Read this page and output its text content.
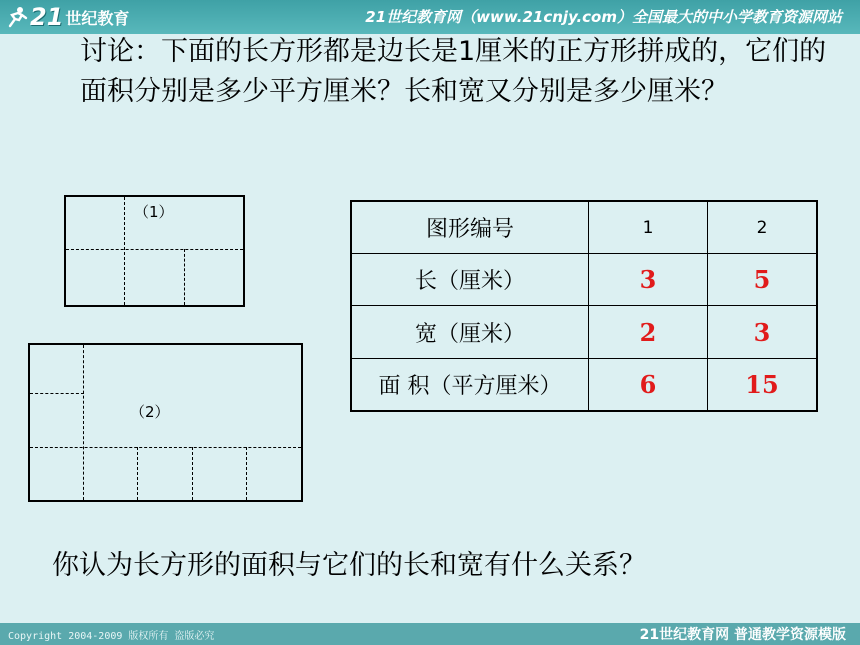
21 世纪教育	21世纪教育网（www.21cnjy.com）全国最大的中小学教育资源网站
讨论：下面的长方形都是边长是1厘米的正方形拼成的，它们的面积分别是多少平方厘米？长和宽又分别是多少厘米？
（1）
（2）
图形编号	1	2
长（厘米）	3	5
宽（厘米）	2	3
面 积（平方厘米）	6	15
你认为长方形的面积与它们的长和宽有什么关系？
Copyright 2004-2009 版权所有 盗版必究	21世纪教育网 普通教学资源模版
